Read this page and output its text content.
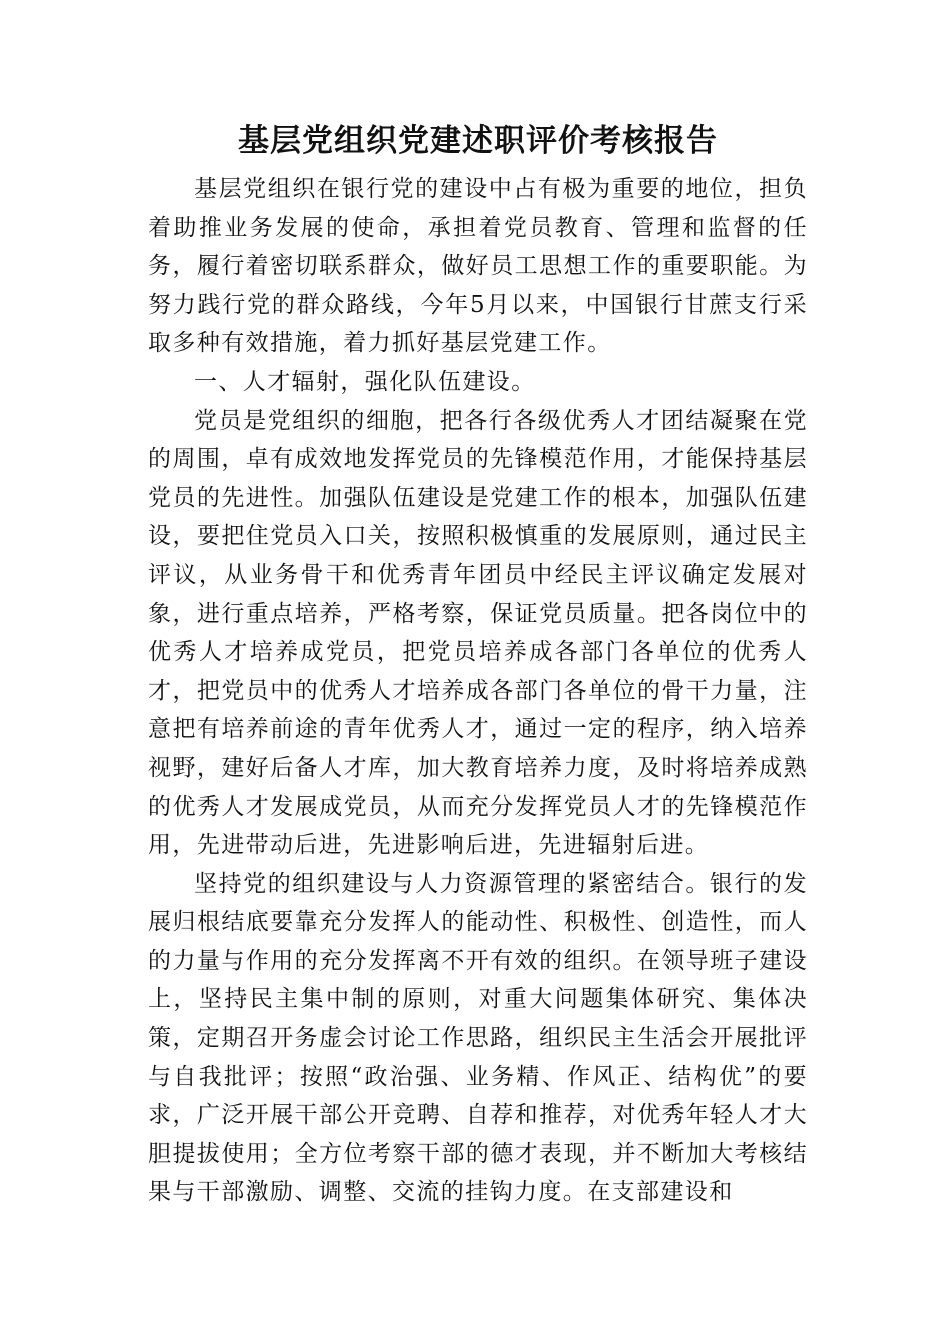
基层党组织党建述职评价考核报告

基层党组织在银行党的建设中占有极为重要的地位，担负着助推业务发展的使命，承担着党员教育、管理和监督的任务，履行着密切联系群众，做好员工思想工作的重要职能。为努力践行党的群众路线，今年5月以来，中国银行甘蔗支行采取多种有效措施，着力抓好基层党建工作。

一、人才辐射，强化队伍建设。

党员是党组织的细胞，把各行各级优秀人才团结凝聚在党的周围，卓有成效地发挥党员的先锋模范作用，才能保持基层党员的先进性。加强队伍建设是党建工作的根本，加强队伍建设，要把住党员入口关，按照积极慎重的发展原则，通过民主评议，从业务骨干和优秀青年团员中经民主评议确定发展对象，进行重点培养，严格考察，保证党员质量。把各岗位中的优秀人才培养成党员，把党员培养成各部门各单位的优秀人才，把党员中的优秀人才培养成各部门各单位的骨干力量，注意把有培养前途的青年优秀人才，通过一定的程序，纳入培养视野，建好后备人才库，加大教育培养力度，及时将培养成熟的优秀人才发展成党员，从而充分发挥党员人才的先锋模范作用，先进带动后进，先进影响后进，先进辐射后进。

坚持党的组织建设与人力资源管理的紧密结合。银行的发展归根结底要靠充分发挥人的能动性、积极性、创造性，而人的力量与作用的充分发挥离不开有效的组织。在领导班子建设上，坚持民主集中制的原则，对重大问题集体研究、集体决策，定期召开务虚会讨论工作思路，组织民主生活会开展批评与自我批评；按照“政治强、业务精、作风正、结构优”的要求，广泛开展干部公开竞聘、自荐和推荐，对优秀年轻人才大胆提拔使用；全方位考察干部的德才表现，并不断加大考核结果与干部激励、调整、交流的挂钩力度。在支部建设和
